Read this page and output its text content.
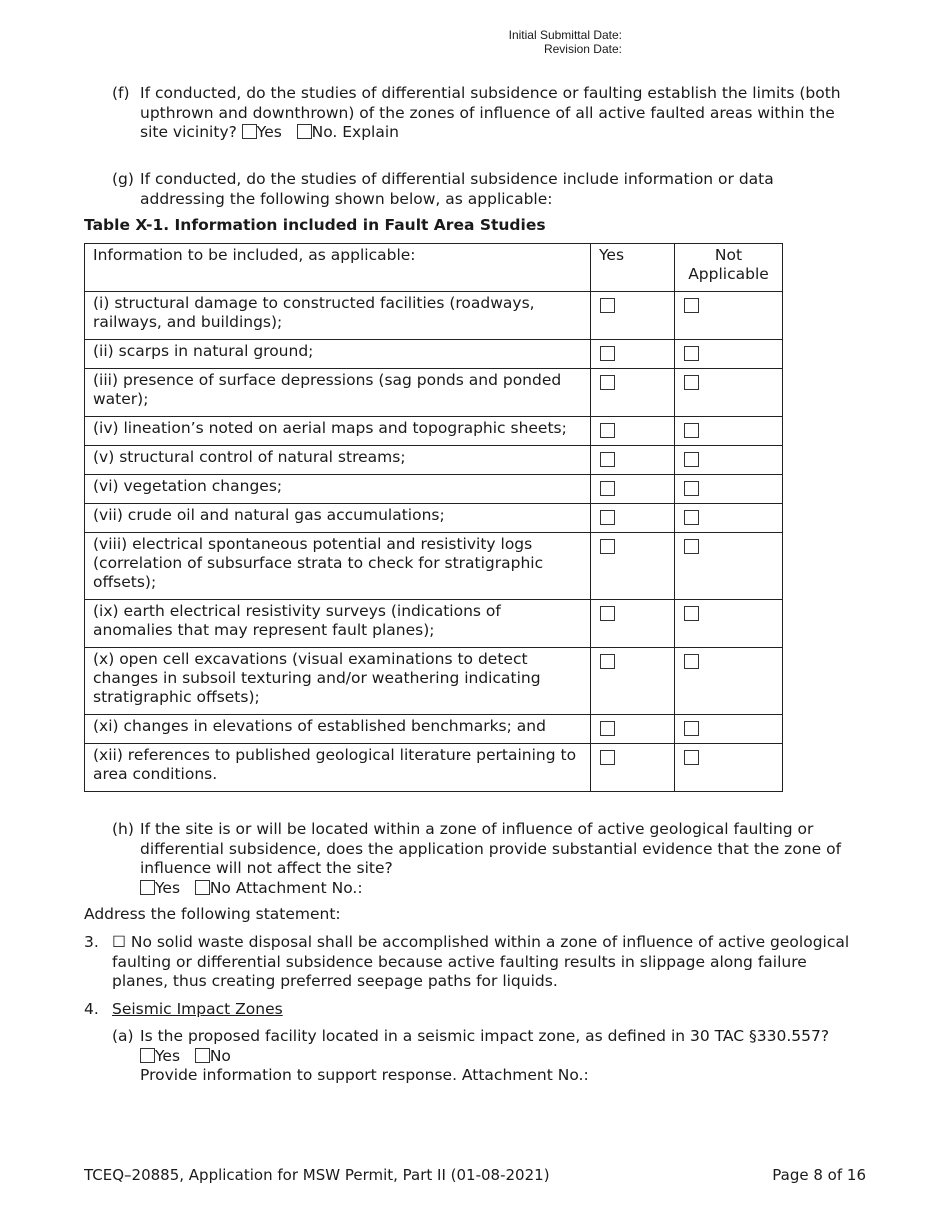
Initial Submittal Date:
Revision Date:
(f) If conducted, do the studies of differential subsidence or faulting establish the limits (both upthrown and downthrown) of the zones of influence of all active faulted areas within the site vicinity? Yes No. Explain
(g) If conducted, do the studies of differential subsidence include information or data addressing the following shown below, as applicable:
Table X-1. Information included in Fault Area Studies
Information to be included, as applicable:	Yes	Not Applicable
(i) structural damage to constructed facilities (roadways, railways, and buildings);		
(ii) scarps in natural ground;		
(iii) presence of surface depressions (sag ponds and ponded water);		
(iv) lineation’s noted on aerial maps and topographic sheets;		
(v) structural control of natural streams;		
(vi) vegetation changes;		
(vii) crude oil and natural gas accumulations;		
(viii) electrical spontaneous potential and resistivity logs (correlation of subsurface strata to check for stratigraphic offsets);		
(ix) earth electrical resistivity surveys (indications of anomalies that may represent fault planes);		
(x) open cell excavations (visual examinations to detect changes in subsoil texturing and/or weathering indicating stratigraphic offsets);		
(xi) changes in elevations of established benchmarks; and		
(xii) references to published geological literature pertaining to area conditions.		
(h) If the site is or will be located within a zone of influence of active geological faulting or differential subsidence, does the application provide substantial evidence that the zone of influence will not affect the site?
Yes No Attachment No.:
Address the following statement:
3. ☐ No solid waste disposal shall be accomplished within a zone of influence of active geological faulting or differential subsidence because active faulting results in slippage along failure planes, thus creating preferred seepage paths for liquids.
4. Seismic Impact Zones
(a) Is the proposed facility located in a seismic impact zone, as defined in 30 TAC §330.557?
Yes No
Provide information to support response. Attachment No.:
TCEQ–20885, Application for MSW Permit, Part II (01-08-2021)	Page 8 of 16
